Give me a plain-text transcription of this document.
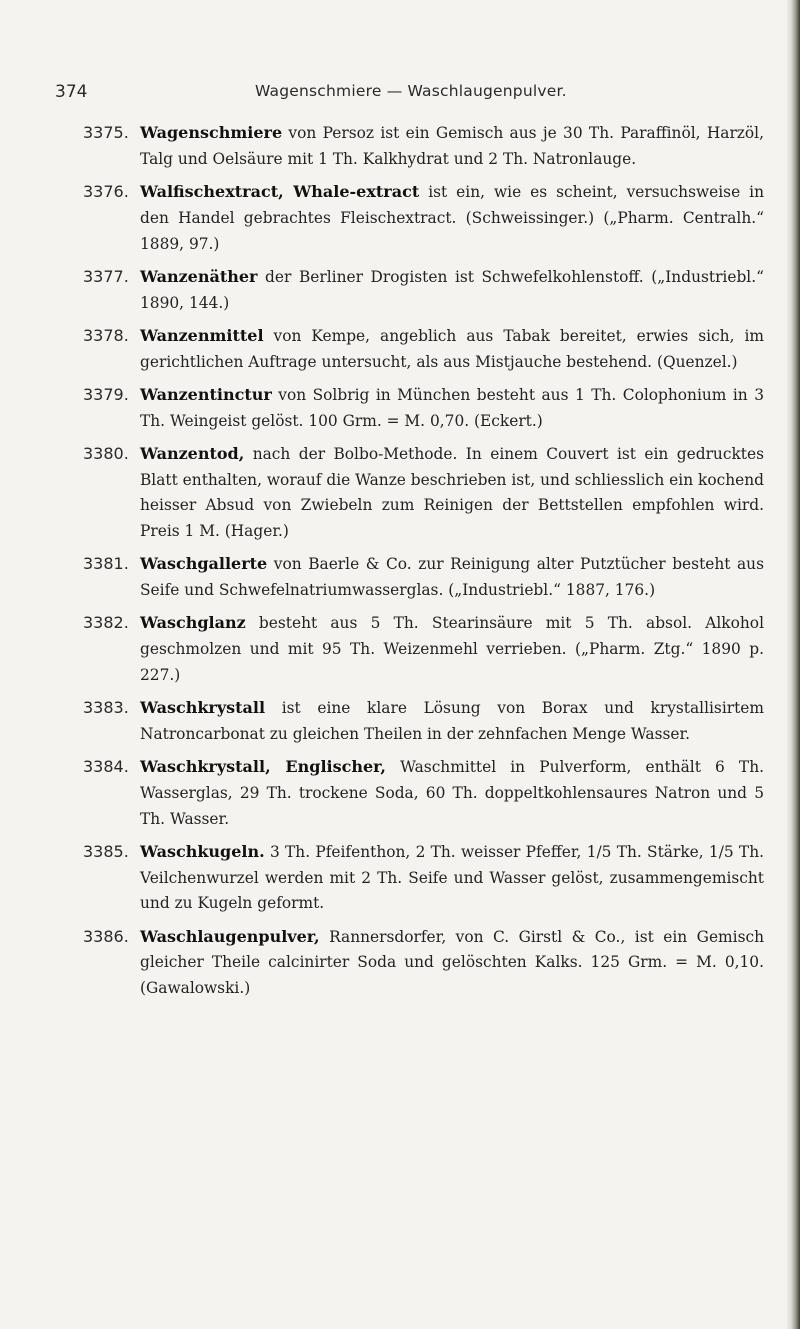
374	Wagenschmiere — Waschlaugenpulver.
3375. Wagenschmiere von Persoz ist ein Gemisch aus je 30 Th. Paraffinöl, Harzöl, Talg und Oelsäure mit 1 Th. Kalkhydrat und 2 Th. Natronlauge.
3376. Walfischextract, Whale-extract ist ein, wie es scheint, versuchsweise in den Handel gebrachtes Fleischextract. (Schweissinger.) („Pharm. Centralh.“ 1889, 97.)
3377. Wanzenäther der Berliner Drogisten ist Schwefelkohlenstoff. („Industriebl.“ 1890, 144.)
3378. Wanzenmittel von Kempe, angeblich aus Tabak bereitet, erwies sich, im gerichtlichen Auftrage untersucht, als aus Mistjauche bestehend. (Quenzel.)
3379. Wanzentinctur von Solbrig in München besteht aus 1 Th. Colophonium in 3 Th. Weingeist gelöst. 100 Grm. = M. 0,70. (Eckert.)
3380. Wanzentod, nach der Bolbo-Methode. In einem Couvert ist ein gedrucktes Blatt enthalten, worauf die Wanze beschrieben ist, und schliesslich ein kochend heisser Absud von Zwiebeln zum Reinigen der Bettstellen empfohlen wird. Preis 1 M. (Hager.)
3381. Waschgallerte von Baerle & Co. zur Reinigung alter Putztücher besteht aus Seife und Schwefelnatriumwasserglas. („Industriebl.“ 1887, 176.)
3382. Waschglanz besteht aus 5 Th. Stearinsäure mit 5 Th. absol. Alkohol geschmolzen und mit 95 Th. Weizenmehl verrieben. („Pharm. Ztg.“ 1890 p. 227.)
3383. Waschkrystall ist eine klare Lösung von Borax und krystallisirtem Natroncarbonat zu gleichen Theilen in der zehnfachen Menge Wasser.
3384. Waschkrystall, Englischer, Waschmittel in Pulverform, enthält 6 Th. Wasserglas, 29 Th. trockene Soda, 60 Th. doppeltkohlensaures Natron und 5 Th. Wasser.
3385. Waschkugeln. 3 Th. Pfeifenthon, 2 Th. weisser Pfeffer, 1/5 Th. Stärke, 1/5 Th. Veilchenwurzel werden mit 2 Th. Seife und Wasser gelöst, zusammengemischt und zu Kugeln geformt.
3386. Waschlaugenpulver, Rannersdorfer, von C. Girstl & Co., ist ein Gemisch gleicher Theile calcinirter Soda und gelöschten Kalks. 125 Grm. = M. 0,10. (Gawalowski.)
